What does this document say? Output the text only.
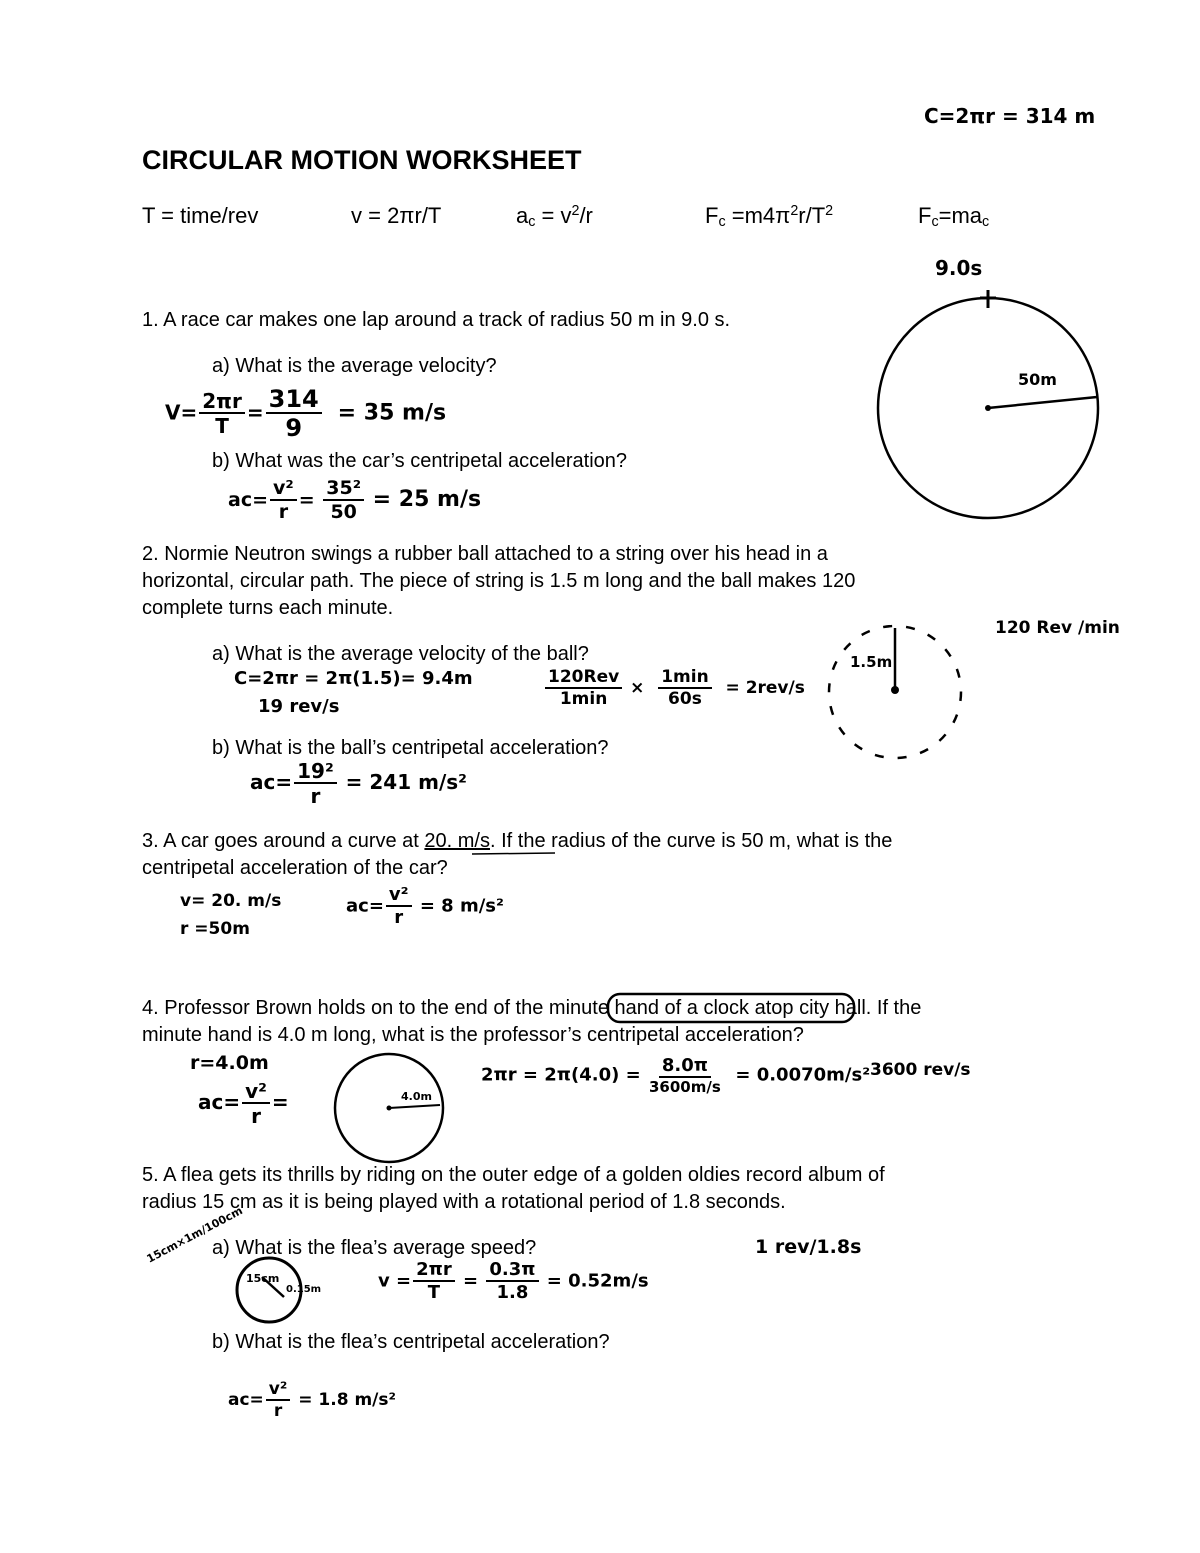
CIRCULAR MOTION WORKSHEET
T = time/rev	v = 2πr/T	$a_c = v^2/r$	$F_c =m4\pi^2r/T^2$	$F_c=ma_c$
1. A race car makes one lap around a track of radius 50 m in 9.0 s.
a) What is the average velocity?
b) What was the car’s centripetal acceleration?
2. Normie Neutron swings a rubber ball attached to a string over his head in a
horizontal, circular path. The piece of string is 1.5 m long and the ball makes 120
complete turns each minute.
a) What is the average velocity of the ball?
b) What is the ball’s centripetal acceleration?
3. A car goes around a curve at 20. m/s. If the radius of the curve is 50 m, what is the
centripetal acceleration of the car?
4. Professor Brown holds on to the end of the minute hand of a clock atop city hall. If the
minute hand is 4.0 m long, what is the professor’s centripetal acceleration?
5. A flea gets its thrills by riding on the outer edge of a golden oldies record album of
radius 15 cm as it is being played with a rotational period of 1.8 seconds.
a) What is the flea’s average speed?
b) What is the flea’s centripetal acceleration?
C=2πr = 314 m
9.0s
50m
$V= \frac{2\pi r}{T} = \frac{314}{9} = 35$ m/s
$ac= \frac{\text{v²}}{r} = \frac{\text{35²}}{50} = 25$ m/s
120 Rev /min
1.5m
C=2πr = 2π(1.5)= 9.4m
19 rev/s	$\frac{\text{120Rev}}{1\min} \times \frac{1\min}{60s} = 2rev/s$
$ac= \frac{\text{19²}}{r} = 241$ m/s²
v= 20. m/s
r =50m
$ac= \frac{\text{v²}}{r} = 8$ m/s²
r=4.0m
$ac= \frac{\text{v²}}{r}$ =	4.0m
$2\pi r = 2\pi(4.0) = \frac{8.0\pi}{3600m/s} = 0.0070m/s^2$ 3600 rev/s
15cm×1m/100cm
15cm
0.15m
1 rev/1.8s
$v = \frac{2\pi r}{T} = \frac{0.3\pi}{1.8} = 0.52m/s$
$ac= \frac{\text{v²}}{r} = 1.8$ m/s²
